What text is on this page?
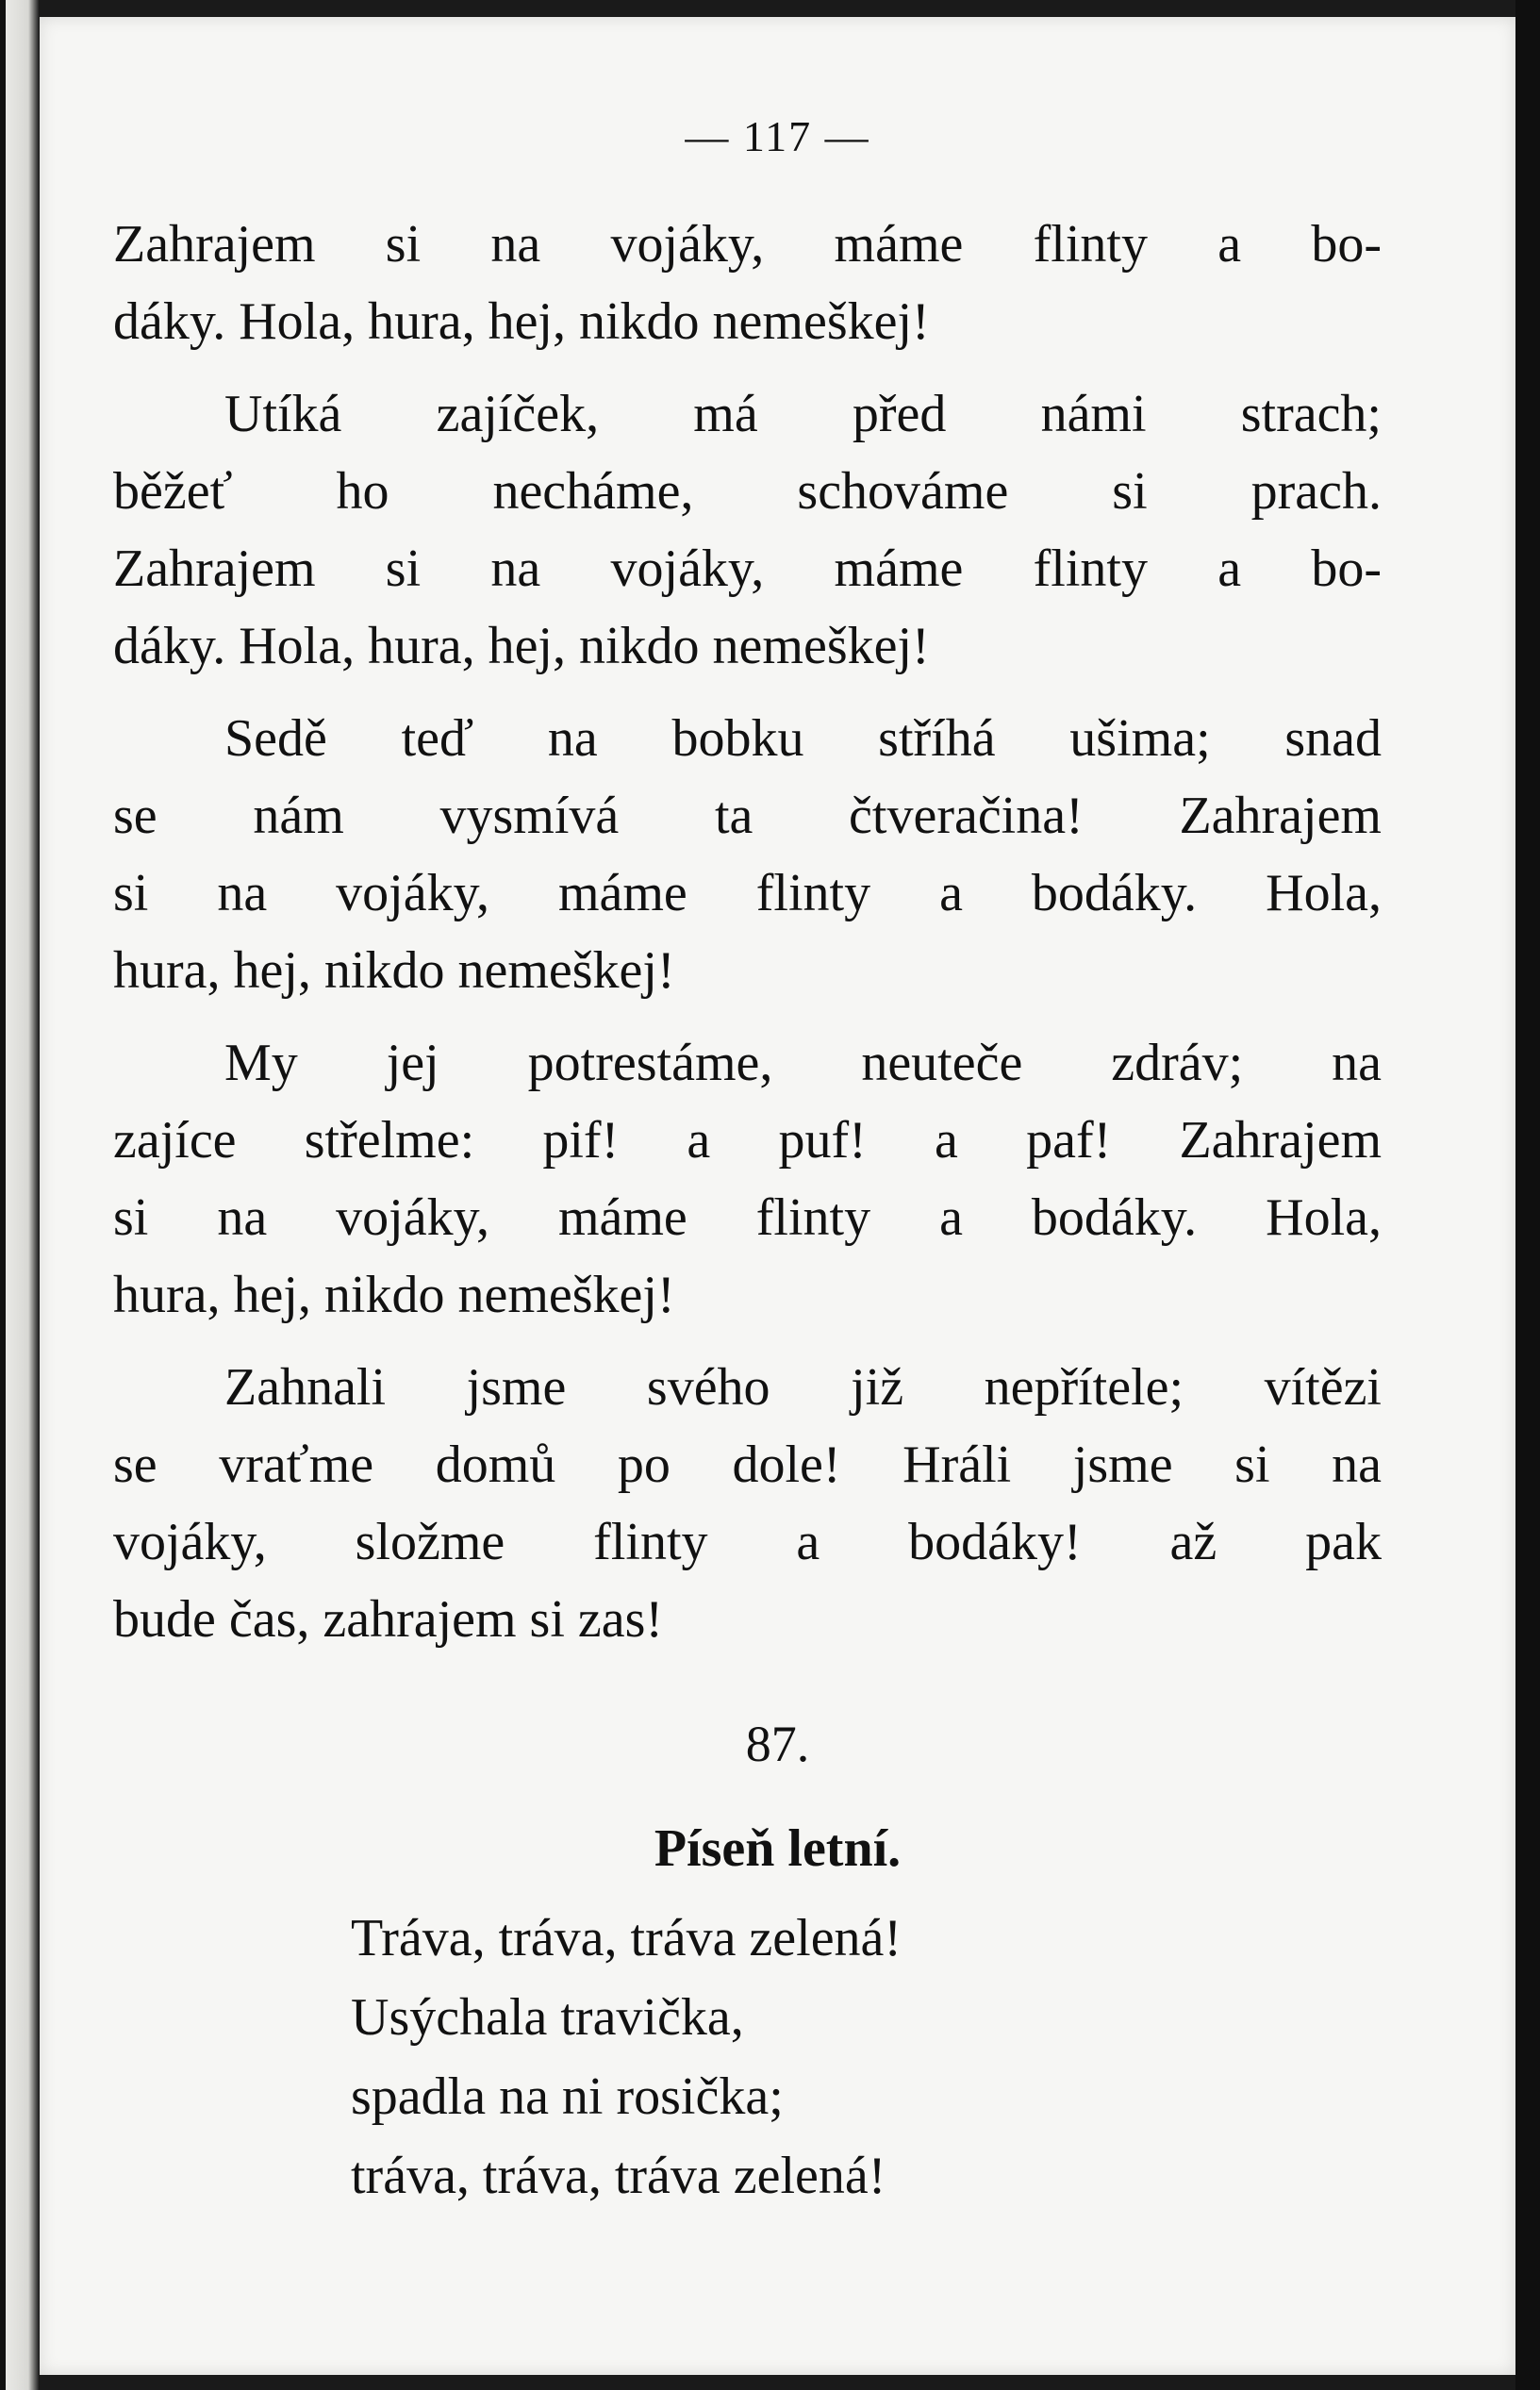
— 117 —
Zahrajem si na vojáky, máme flinty a bo-
dáky. Hola, hura, hej, nikdo nemeškej!
Utíká zajíček, má před námi strach;
běžeť ho necháme, schováme si prach.
Zahrajem si na vojáky, máme flinty a bo-
dáky. Hola, hura, hej, nikdo nemeškej!
Sedě teď na bobku stříhá ušima; snad
se nám vysmívá ta čtveračina! Zahrajem
si na vojáky, máme flinty a bodáky. Hola,
hura, hej, nikdo nemeškej!
My jej potrestáme, neuteče zdráv; na
zajíce střelme: pif! a puf! a paf! Zahrajem
si na vojáky, máme flinty a bodáky. Hola,
hura, hej, nikdo nemeškej!
Zahnali jsme svého již nepřítele; vítězi
se vraťme domů po dole! Hráli jsme si na
vojáky, složme flinty a bodáky! až pak
bude čas, zahrajem si zas!
87.
Píseň letní.
Tráva, tráva, tráva zelená!
Usýchala travička,
spadla na ni rosička;
tráva, tráva, tráva zelená!
